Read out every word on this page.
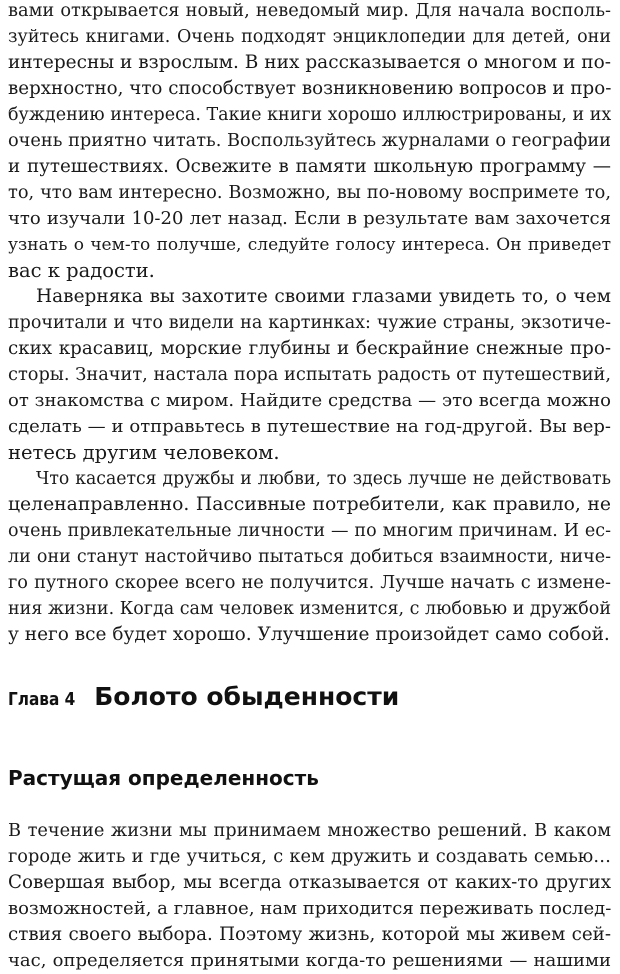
вами открывается новый, неведомый мир. Для начала восполь-
зуйтесь книгами. Очень подходят энциклопедии для детей, они
интересны и взрослым. В них рассказывается о многом и по-
верхностно, что способствует возникновению вопросов и про-
буждению интереса. Такие книги хорошо иллюстрированы, и их
очень приятно читать. Воспользуйтесь журналами о географии
и путешествиях. Освежите в памяти школьную программу —
то, что вам интересно. Возможно, вы по-новому воспримете то,
что изучали 10-20 лет назад. Если в результате вам захочется
узнать о чем-то получше, следуйте голосу интереса. Он приведет
вас к радости.
Наверняка вы захотите своими глазами увидеть то, о чем
прочитали и что видели на картинках: чужие страны, экзотиче-
ских красавиц, морские глубины и бескрайние снежные про-
сторы. Значит, настала пора испытать радость от путешествий,
от знакомства с миром. Найдите средства — это всегда можно
сделать — и отправьтесь в путешествие на год-другой. Вы вер-
нетесь другим человеком.
Что касается дружбы и любви, то здесь лучше не действовать
целенаправленно. Пассивные потребители, как правило, не
очень привлекательные личности — по многим причинам. И ес-
ли они станут настойчиво пытаться добиться взаимности, ниче-
го путного скорее всего не получится. Лучше начать с измене-
ния жизни. Когда сам человек изменится, с любовью и дружбой
у него все будет хорошо. Улучшение произойдет само собой.
Глава 4 Болото обыденности
Растущая определенность
В течение жизни мы принимаем множество решений. В каком
городе жить и где учиться, с кем дружить и создавать семью…
Совершая выбор, мы всегда отказывается от каких-то других
возможностей, а главное, нам приходится переживать послед-
ствия своего выбора. Поэтому жизнь, которой мы живем сей-
час, определяется принятыми когда-то решениями — нашими
